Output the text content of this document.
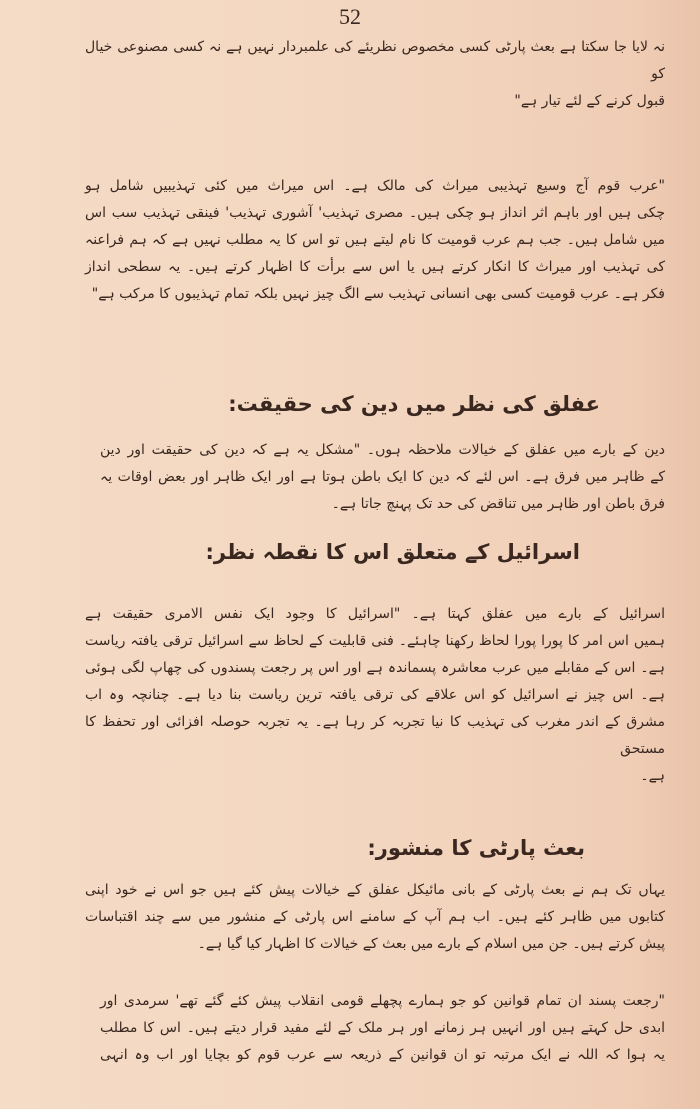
52
نہ لایا جا سکتا ہے بعث پارٹی کسی مخصوص نظریئے کی علمبردار نہیں ہے نہ کسی مصنوعی خیال کو
قبول کرنے کے لئے تیار ہے"
"عرب قوم آج وسیع تہذیبی میراث کی مالک ہے۔ اس میراث میں کئی تہذیبیں شامل ہو
چکی ہیں اور باہم اثر انداز ہو چکی ہیں۔ مصری تہذیب' آشوری تہذیب' فینقی تہذیب سب اس
میں شامل ہیں۔ جب ہم عرب قومیت کا نام لیتے ہیں تو اس کا یہ مطلب نہیں ہے کہ ہم فراعنہ
کی تہذیب اور میراث کا انکار کرتے ہیں یا اس سے برأت کا اظہار کرتے ہیں۔ یہ سطحی انداز
فکر ہے۔ عرب قومیت کسی بھی انسانی تہذیب سے الگ چیز نہیں بلکہ تمام تہذیبوں کا مرکب ہے"
عفلق کی نظر میں دین کی حقیقت:
دین کے بارے میں عفلق کے خیالات ملاحظہ ہوں۔ "مشکل یہ ہے کہ دین کی حقیقت اور دین
کے ظاہر میں فرق ہے۔ اس لئے کہ دین کا ایک باطن ہوتا ہے اور ایک ظاہر اور بعض اوقات یہ
فرق باطن اور ظاہر میں تناقض کی حد تک پہنچ جاتا ہے۔
اسرائیل کے متعلق اس کا نقطہ نظر:
اسرائیل کے بارے میں عفلق کہتا ہے۔ "اسرائیل کا وجود ایک نفس الامری حقیقت ہے
ہمیں اس امر کا پورا پورا لحاظ رکھنا چاہئے۔ فنی قابلیت کے لحاظ سے اسرائیل ترقی یافتہ ریاست
ہے۔ اس کے مقابلے میں عرب معاشرہ پسماندہ ہے اور اس پر رجعت پسندوں کی چھاپ لگی ہوئی
ہے۔ اس چیز نے اسرائیل کو اس علاقے کی ترقی یافتہ ترین ریاست بنا دیا ہے۔ چنانچہ وہ اب
مشرق کے اندر مغرب کی تہذیب کا نیا تجربہ کر رہا ہے۔ یہ تجربہ حوصلہ افزائی اور تحفظ کا مستحق
ہے۔
بعث پارٹی کا منشور:
یہاں تک ہم نے بعث پارٹی کے بانی مائیکل عفلق کے خیالات پیش کئے ہیں جو اس نے خود اپنی
کتابوں میں ظاہر کئے ہیں۔ اب ہم آپ کے سامنے اس پارٹی کے منشور میں سے چند اقتباسات
پیش کرتے ہیں۔ جن میں اسلام کے بارے میں بعث کے خیالات کا اظہار کیا گیا ہے۔
"رجعت پسند ان تمام قوانین کو جو ہمارے پچھلے قومی انقلاب پیش کئے گئے تھے' سرمدی اور
ابدی حل کہتے ہیں اور انہیں ہر زمانے اور ہر ملک کے لئے مفید قرار دیتے ہیں۔ اس کا مطلب
یہ ہوا کہ اللہ نے ایک مرتبہ تو ان قوانین کے ذریعہ سے عرب قوم کو بچایا اور اب وہ انہی
